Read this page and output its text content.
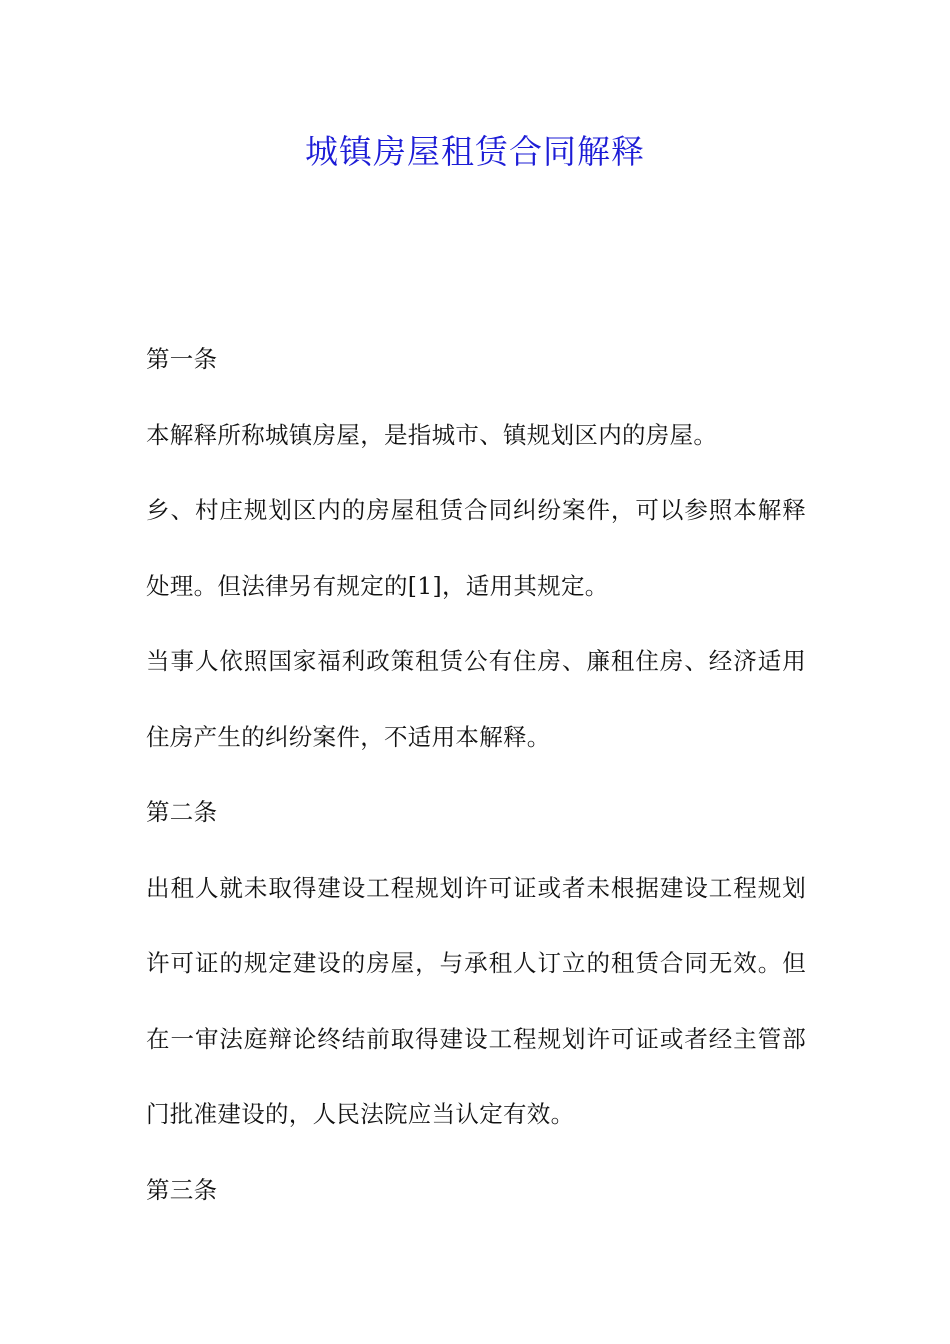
城镇房屋租赁合同解释
第一条
本解释所称城镇房屋，是指城市、镇规划区内的房屋。
乡、村庄规划区内的房屋租赁合同纠纷案件，可以参照本解释
处理。但法律另有规定的[1]，适用其规定。
当事人依照国家福利政策租赁公有住房、廉租住房、经济适用
住房产生的纠纷案件，不适用本解释。
第二条
出租人就未取得建设工程规划许可证或者未根据建设工程规划
许可证的规定建设的房屋，与承租人订立的租赁合同无效。但
在一审法庭辩论终结前取得建设工程规划许可证或者经主管部
门批准建设的，人民法院应当认定有效。
第三条
